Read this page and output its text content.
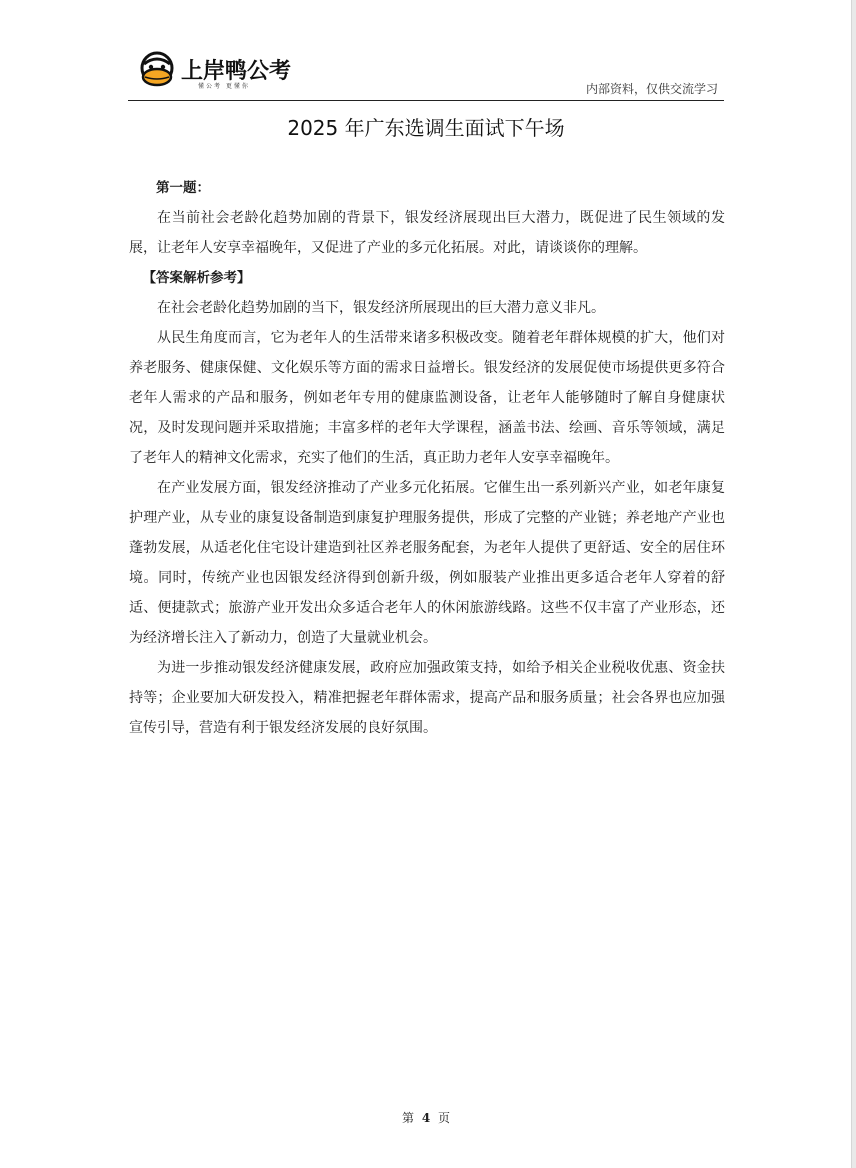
上岸鸭公考
懂公考 更懂你	内部资料，仅供交流学习
2025 年广东选调生面试下午场

第一题：

在当前社会老龄化趋势加剧的背景下，银发经济展现出巨大潜力，既促进了民生领域的发展，让老年人安享幸福晚年，又促进了产业的多元化拓展。对此，请谈谈你的理解。

【答案解析参考】

在社会老龄化趋势加剧的当下，银发经济所展现出的巨大潜力意义非凡。

从民生角度而言，它为老年人的生活带来诸多积极改变。随着老年群体规模的扩大，他们对养老服务、健康保健、文化娱乐等方面的需求日益增长。银发经济的发展促使市场提供更多符合老年人需求的产品和服务，例如老年专用的健康监测设备，让老年人能够随时了解自身健康状况，及时发现问题并采取措施；丰富多样的老年大学课程，涵盖书法、绘画、音乐等领域，满足了老年人的精神文化需求，充实了他们的生活，真正助力老年人安享幸福晚年。

在产业发展方面，银发经济推动了产业多元化拓展。它催生出一系列新兴产业，如老年康复护理产业，从专业的康复设备制造到康复护理服务提供，形成了完整的产业链；养老地产产业也蓬勃发展，从适老化住宅设计建造到社区养老服务配套，为老年人提供了更舒适、安全的居住环境。同时，传统产业也因银发经济得到创新升级，例如服装产业推出更多适合老年人穿着的舒适、便捷款式；旅游产业开发出众多适合老年人的休闲旅游线路。这些不仅丰富了产业形态，还为经济增长注入了新动力，创造了大量就业机会。

为进一步推动银发经济健康发展，政府应加强政策支持，如给予相关企业税收优惠、资金扶持等；企业要加大研发投入，精准把握老年群体需求，提高产品和服务质量；社会各界也应加强宣传引导，营造有利于银发经济发展的良好氛围。

第 4 页
